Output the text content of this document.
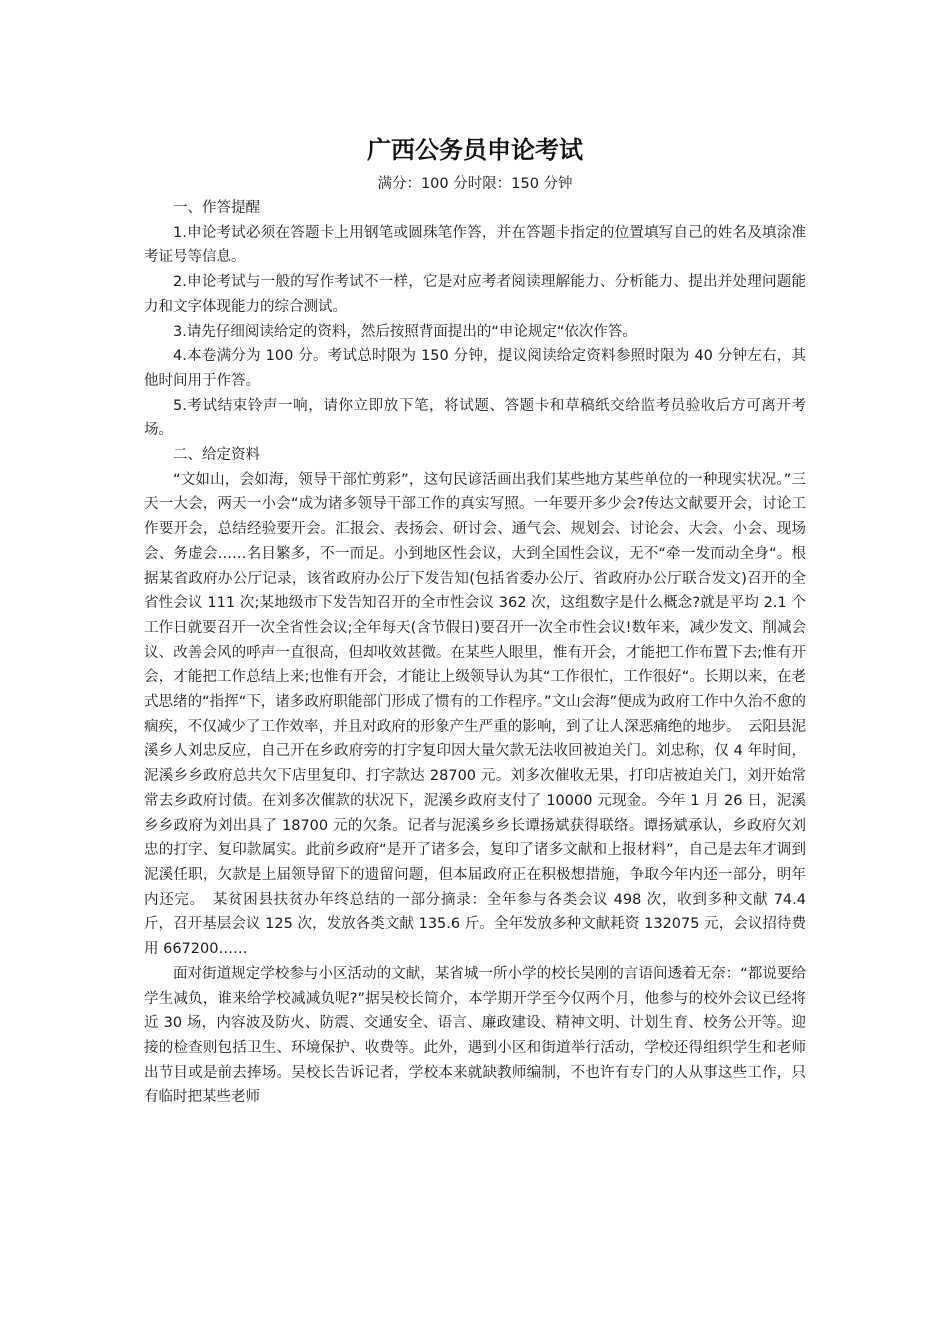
广西公务员申论考试

满分：100 分时限：150 分钟

一、作答提醒

1.申论考试必须在答题卡上用钢笔或圆珠笔作答，并在答题卡指定的位置填写自己的姓名及填涂准考证号等信息。

2.申论考试与一般的写作考试不一样，它是对应考者阅读理解能力、分析能力、提出并处理问题能力和文字体现能力的综合测试。

3.请先仔细阅读给定的资料，然后按照背面提出的“申论规定“依次作答。

4.本卷满分为 100 分。考试总时限为 150 分钟，提议阅读给定资料参照时限为 40 分钟左右，其他时间用于作答。

5.考试结束铃声一响，请你立即放下笔，将试题、答题卡和草稿纸交给监考员验收后方可离开考场。

二、给定资料

“文如山，会如海，领导干部忙剪彩”，这句民谚活画出我们某些地方某些单位的一种现实状况。”三天一大会，两天一小会“成为诸多领导干部工作的真实写照。一年要开多少会?传达文献要开会，讨论工作要开会，总结经验要开会。汇报会、表扬会、研讨会、通气会、规划会、讨论会、大会、小会、现场会、务虚会……名目繁多，不一而足。小到地区性会议，大到全国性会议，无不“牵一发而动全身“。根据某省政府办公厅记录，该省政府办公厅下发告知(包括省委办公厅、省政府办公厅联合发文)召开的全省性会议 111 次;某地级市下发告知召开的全市性会议 362 次，这组数字是什么概念?就是平均 2.1 个工作日就要召开一次全省性会议;全年每天(含节假日)要召开一次全市性会议!数年来，减少发文、削减会议、改善会风的呼声一直很高，但却收效甚微。在某些人眼里，惟有开会，才能把工作布置下去;惟有开会，才能把工作总结上来;也惟有开会，才能让上级领导认为其“工作很忙，工作很好“。长期以来，在老式思绪的“指挥“下，诸多政府职能部门形成了惯有的工作程序。”文山会海”便成为政府工作中久治不愈的痼疾，不仅减少了工作效率，并且对政府的形象产生严重的影响，到了让人深恶痛绝的地步。　云阳县泥溪乡人刘忠反应，自己开在乡政府旁的打字复印因大量欠款无法收回被迫关门。刘忠称，仅 4 年时间，泥溪乡乡政府总共欠下店里复印、打字款达 28700 元。刘多次催收无果，打印店被迫关门，刘开始常常去乡政府讨债。在刘多次催款的状况下，泥溪乡政府支付了 10000 元现金。今年 1 月 26 日，泥溪乡乡政府为刘出具了 18700 元的欠条。记者与泥溪乡乡长谭扬斌获得联络。谭扬斌承认，乡政府欠刘忠的打字、复印款属实。此前乡政府“是开了诸多会，复印了诸多文献和上报材料”，自己是去年才调到泥溪任职，欠款是上届领导留下的遗留问题，但本届政府正在积极想措施，争取今年内还一部分，明年内还完。　某贫困县扶贫办年终总结的一部分摘录：全年参与各类会议 498 次，收到多种文献 74.4 斤，召开基层会议 125 次，发放各类文献 135.6 斤。全年发放多种文献耗资 132075 元，会议招待费用 667200……

面对街道规定学校参与小区活动的文献，某省城一所小学的校长吴刚的言语间透着无奈：“都说要给学生减负，谁来给学校减减负呢?”据吴校长简介，本学期开学至今仅两个月，他参与的校外会议已经将近 30 场，内容波及防火、防震、交通安全、语言、廉政建设、精神文明、计划生育、校务公开等。迎接的检查则包括卫生、环境保护、收费等。此外，遇到小区和街道举行活动，学校还得组织学生和老师出节目或是前去捧场。吴校长告诉记者，学校本来就缺教师编制，不也许有专门的人从事这些工作，只有临时把某些老师
